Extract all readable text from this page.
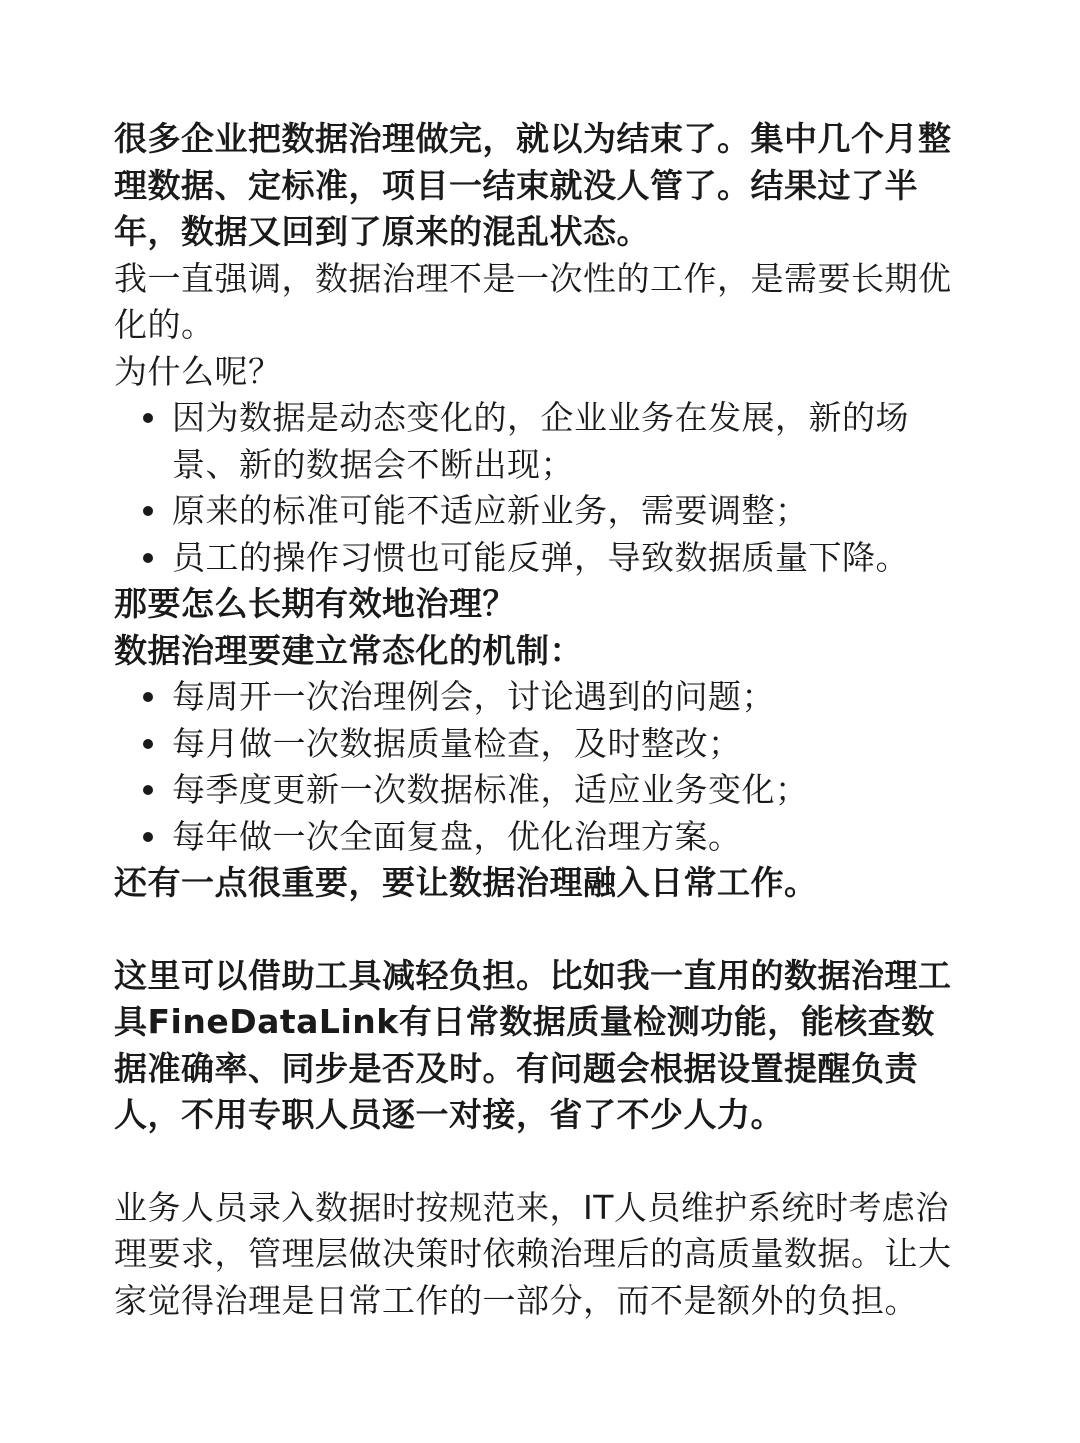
很多企业把数据治理做完，就以为结束了。集中几个月整理数据、定标准，项目一结束就没人管了。结果过了半年，数据又回到了原来的混乱状态。

我一直强调，数据治理不是一次性的工作，是需要长期优化的。

为什么呢？

因为数据是动态变化的，企业业务在发展，新的场景、新的数据会不断出现；
原来的标准可能不适应新业务，需要调整；
员工的操作习惯也可能反弹，导致数据质量下降。

那要怎么长期有效地治理？

数据治理要建立常态化的机制：

每周开一次治理例会，讨论遇到的问题；
每月做一次数据质量检查，及时整改；
每季度更新一次数据标准，适应业务变化；
每年做一次全面复盘，优化治理方案。

还有一点很重要，要让数据治理融入日常工作。

这里可以借助工具减轻负担。比如我一直用的数据治理工具FineDataLink有日常数据质量检测功能，能核查数据准确率、同步是否及时。有问题会根据设置提醒负责人，不用专职人员逐一对接，省了不少人力。

业务人员录入数据时按规范来，IT人员维护系统时考虑治理要求，管理层做决策时依赖治理后的高质量数据。让大家觉得治理是日常工作的一部分，而不是额外的负担。
